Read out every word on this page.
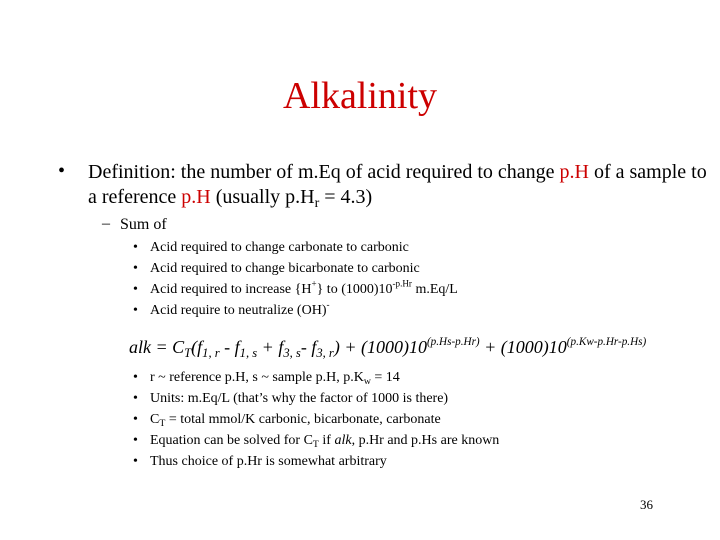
Alkalinity
• Definition: the number of m.Eq of acid required to change p.H of a sample to a reference p.H (usually $p.H_r = 4.3$)
– Sum of
• Acid required to change carbonate to carbonic
• Acid required to change bicarbonate to carbonic
• Acid required to increase {H+} to $(1000)10^{-p.Hr}$ m.Eq/L
• Acid require to neutralize (OH)-
alk = $C_T(f_{1, r} - f_{1, s} + f_{3, s}-$ $f_{3, r}) + (1000)10^{(p.Hs-p.Hr)} + (1000)10^{(p.Kw-p.Hr-p.Hs)}$
• r ~ reference p.H, s ~ sample p.H, $p.K_w = 14$
• Units: m.Eq/L (that’s why the factor of 1000 is there)
• $C_T$ = total mmol/K carbonic, bicarbonate, carbonate
• Equation can be solved for $C_T$ if alk, p.Hr and p.Hs are known
• Thus choice of p.Hr is somewhat arbitrary
36
